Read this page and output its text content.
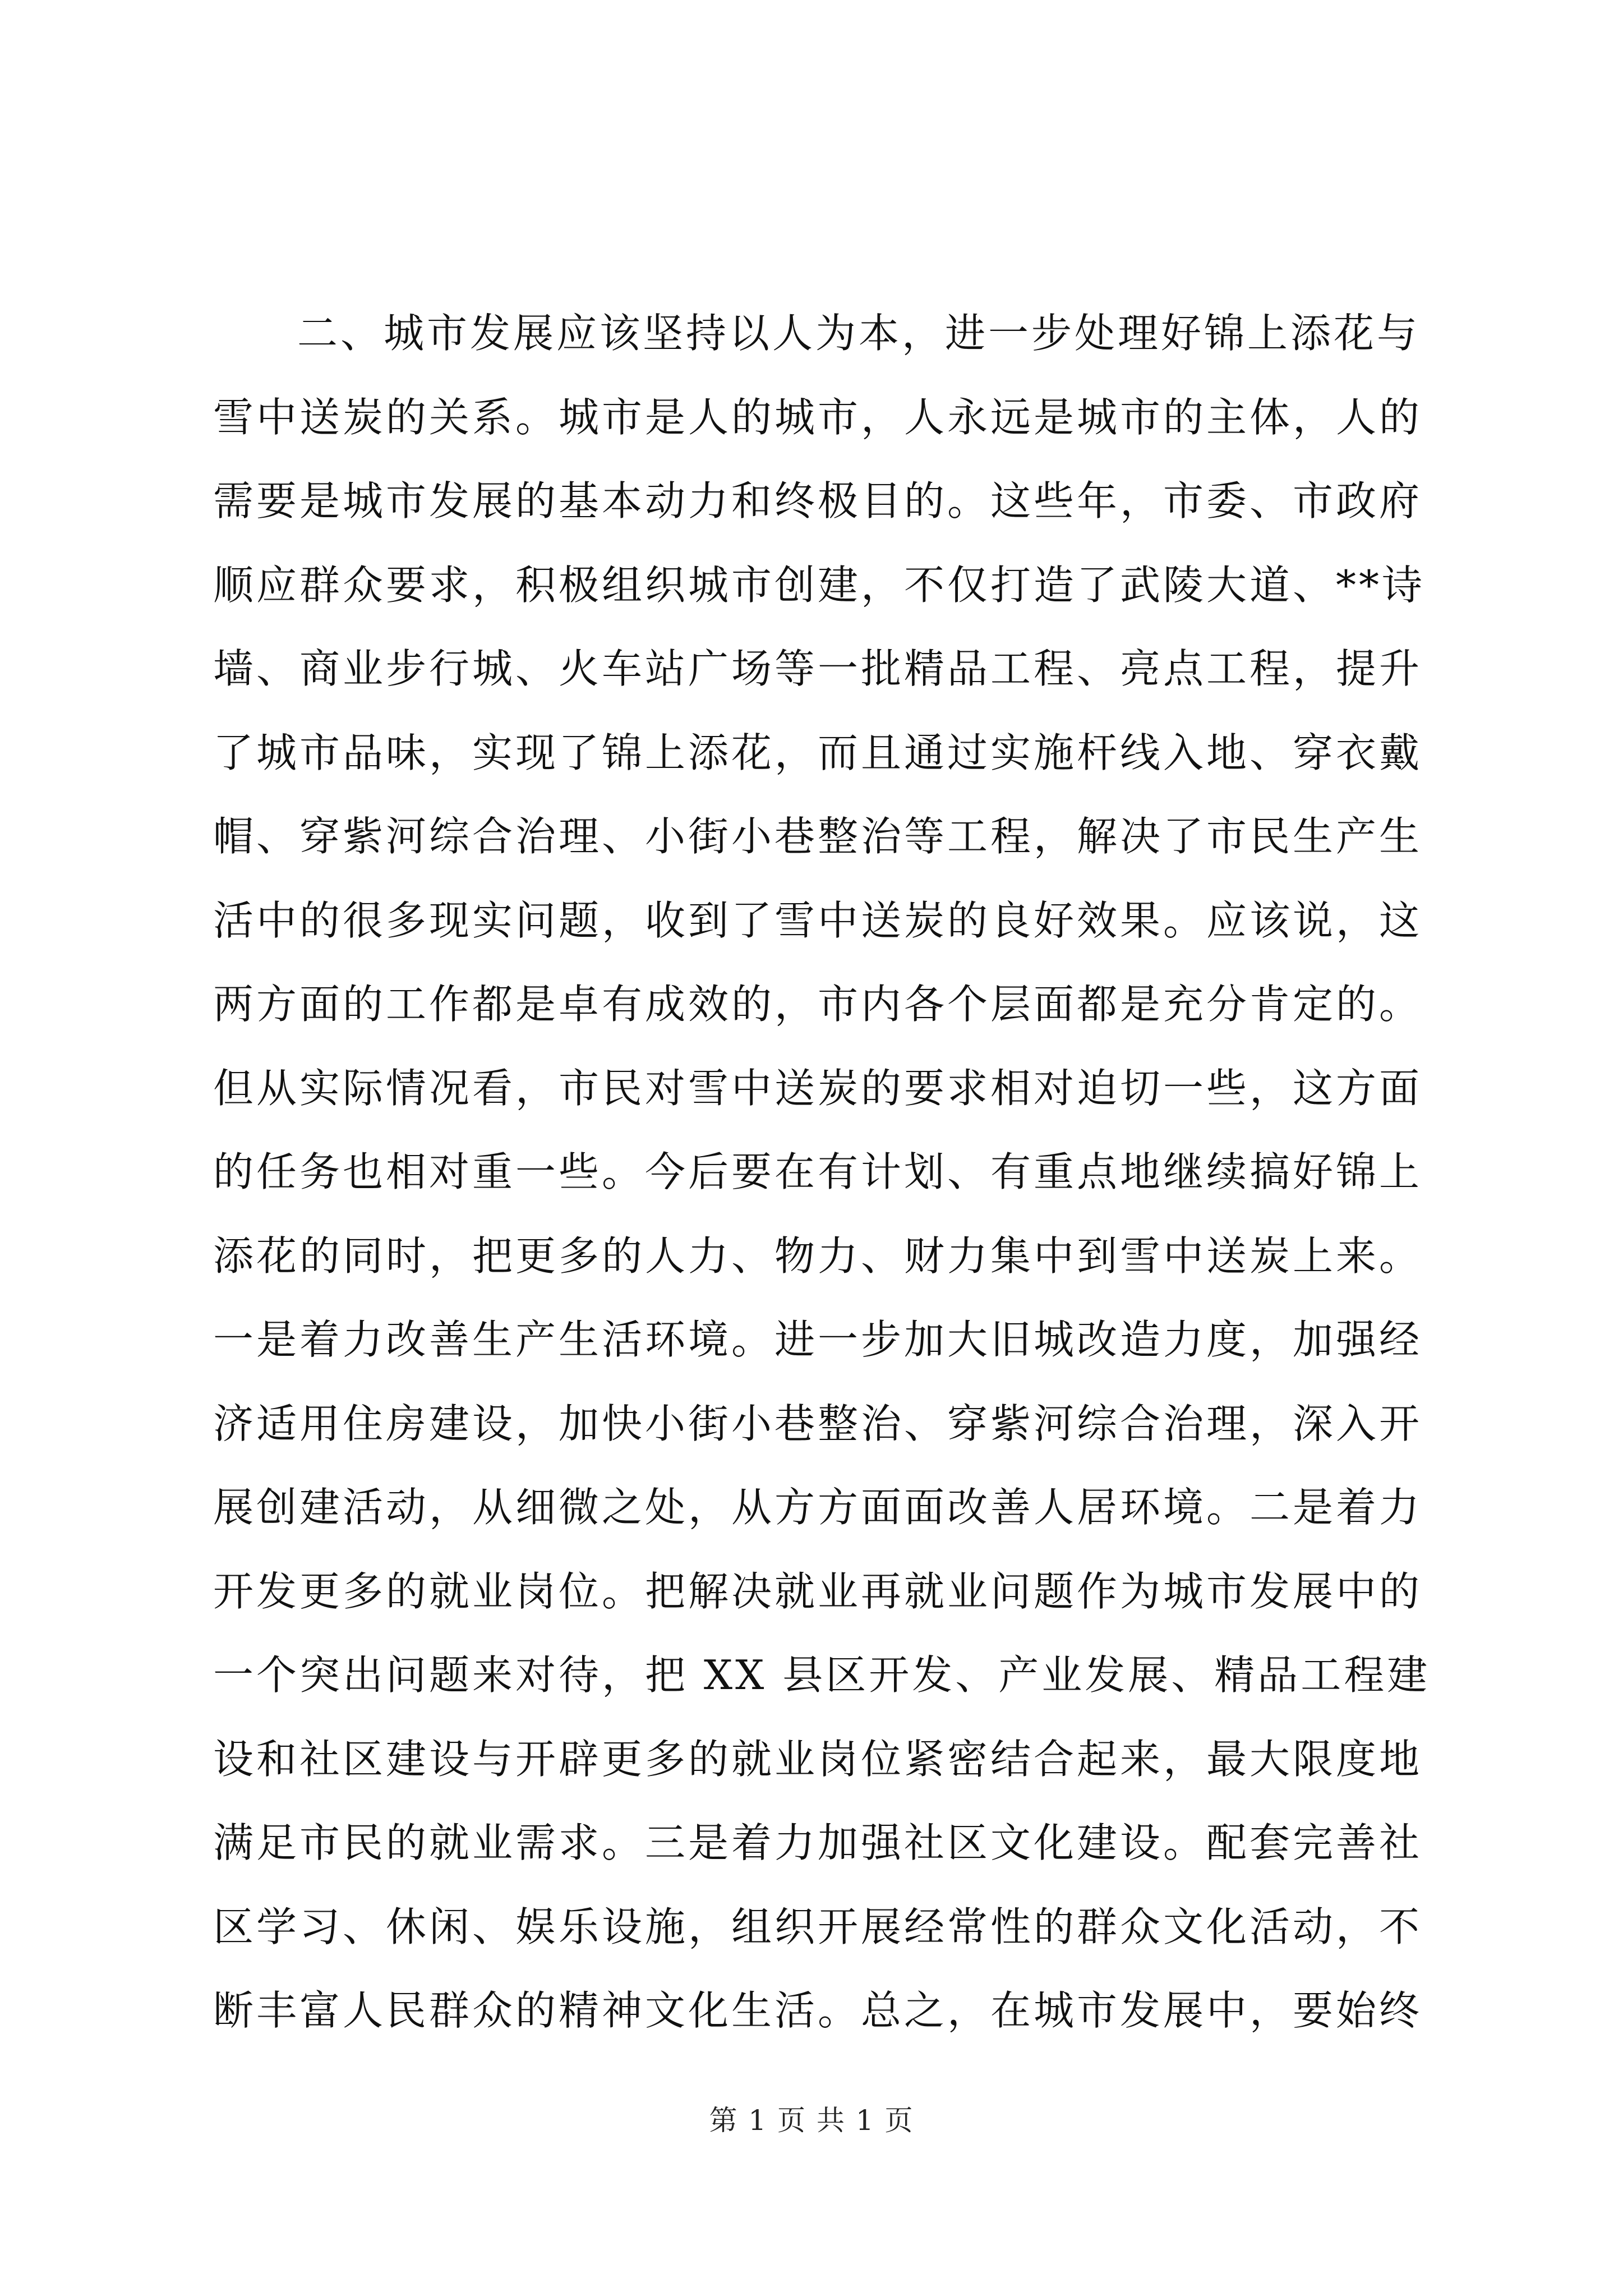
二、城市发展应该坚持以人为本，进一步处理好锦上添花与
雪中送炭的关系。城市是人的城市，人永远是城市的主体，人的
需要是城市发展的基本动力和终极目的。这些年，市委、市政府
顺应群众要求，积极组织城市创建，不仅打造了武陵大道、**诗
墙、商业步行城、火车站广场等一批精品工程、亮点工程，提升
了城市品味，实现了锦上添花，而且通过实施杆线入地、穿衣戴
帽、穿紫河综合治理、小街小巷整治等工程，解决了市民生产生
活中的很多现实问题，收到了雪中送炭的良好效果。应该说，这
两方面的工作都是卓有成效的，市内各个层面都是充分肯定的。
但从实际情况看，市民对雪中送炭的要求相对迫切一些，这方面
的任务也相对重一些。今后要在有计划、有重点地继续搞好锦上
添花的同时，把更多的人力、物力、财力集中到雪中送炭上来。
一是着力改善生产生活环境。进一步加大旧城改造力度，加强经
济适用住房建设，加快小街小巷整治、穿紫河综合治理，深入开
展创建活动，从细微之处，从方方面面改善人居环境。二是着力
开发更多的就业岗位。把解决就业再就业问题作为城市发展中的
一个突出问题来对待，把 XX 县区开发、产业发展、精品工程建
设和社区建设与开辟更多的就业岗位紧密结合起来，最大限度地
满足市民的就业需求。三是着力加强社区文化建设。配套完善社
区学习、休闲、娱乐设施，组织开展经常性的群众文化活动，不
断丰富人民群众的精神文化生活。总之，在城市发展中，要始终
第 1 页 共 1 页
